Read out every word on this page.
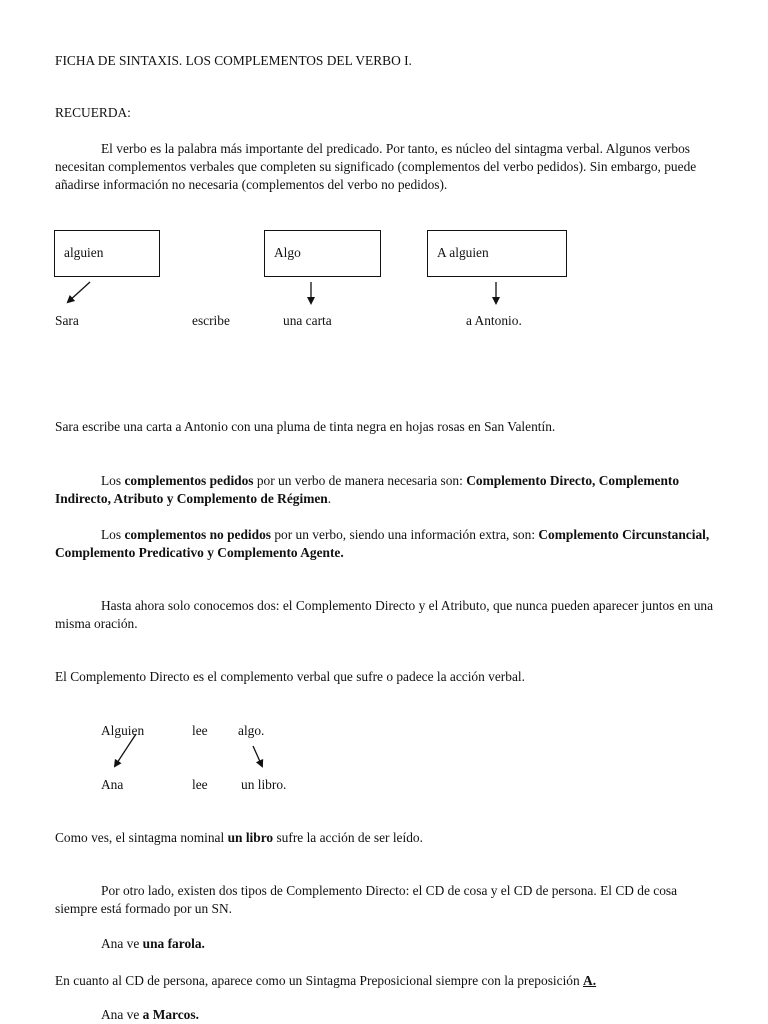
FICHA DE SINTAXIS. LOS COMPLEMENTOS DEL VERBO I.
RECUERDA:
El verbo es la palabra más importante del predicado. Por tanto, es núcleo del sintagma verbal. Algunos verbos necesitan complementos verbales que completen su significado (complementos del verbo pedidos). Sin embargo, puede añadirse información no necesaria (complementos del verbo no pedidos).
alguien	Algo	A alguien
Sara	escribe	una carta	a Antonio.
Sara escribe una carta a Antonio con una pluma de tinta negra en hojas rosas en San Valentín.
Los complementos pedidos por un verbo de manera necesaria son: Complemento Directo, Complemento Indirecto, Atributo y Complemento de Régimen.
Los complementos no pedidos por un verbo, siendo una información extra, son: Complemento Circunstancial, Complemento Predicativo y Complemento Agente.
Hasta ahora solo conocemos dos: el Complemento Directo y el Atributo, que nunca pueden aparecer juntos en una misma oración.
El Complemento Directo es el complemento verbal que sufre o padece la acción verbal.
Alguien	lee algo.
Ana	lee un libro.
Como ves, el sintagma nominal un libro sufre la acción de ser leído.
Por otro lado, existen dos tipos de Complemento Directo: el CD de cosa y el CD de persona. El CD de cosa siempre está formado por un SN.
Ana ve una farola.
En cuanto al CD de persona, aparece como un Sintagma Preposicional siempre con la preposición A.
Ana ve a Marcos.
